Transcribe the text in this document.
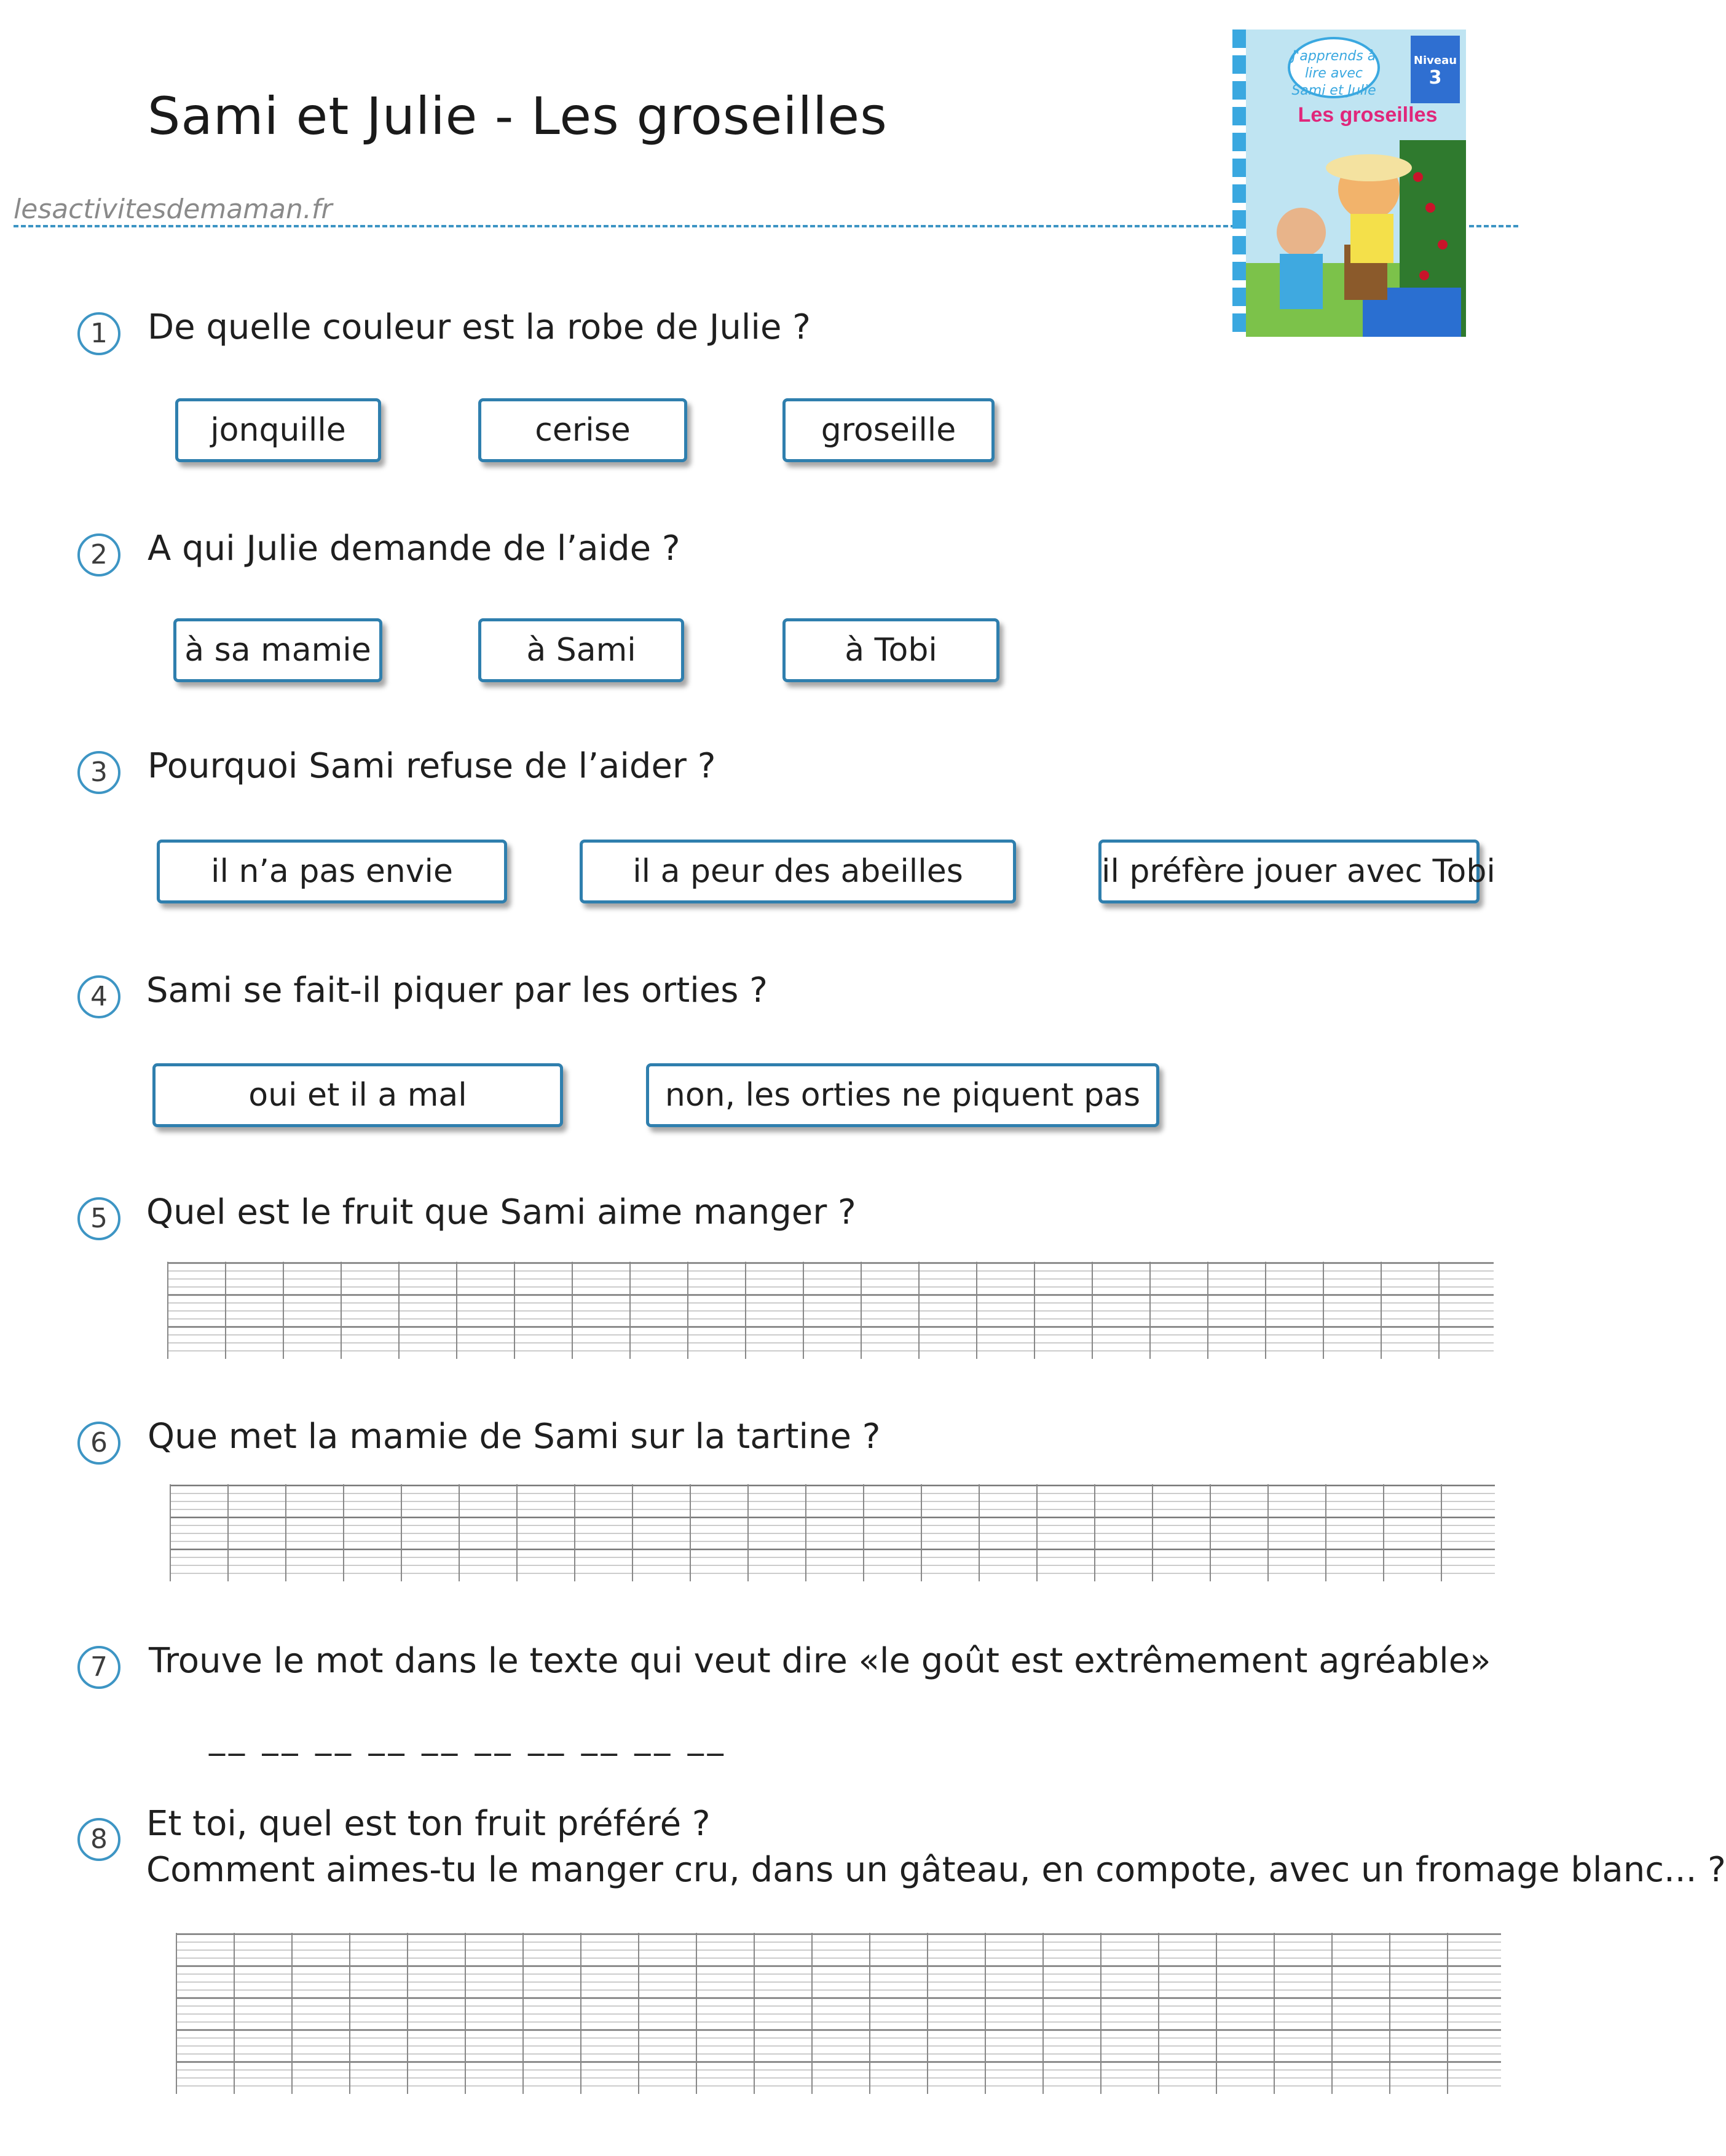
Sami et Julie - Les groseilles
lesactivitesdemaman.fr
J'apprends à lire avec Sami et Julie
Niveau
3
Les groseilles
1	De quelle couleur est la robe de Julie ?
jonquille	cerise	groseille
2	A qui Julie demande de l’aide ?
à sa mamie	à Sami	à Tobi
3	Pourquoi Sami refuse de l’aider ?
il n’a pas envie	il a peur des abeilles	il préfère jouer avec Tobi
4	Sami se fait-il piquer par les orties ?
oui et il a mal	non, les orties ne piquent pas
5	Quel est le fruit que Sami aime manger ?
6	Que met la mamie de Sami sur la tartine ?
7	Trouve le mot dans le texte qui veut dire «le goût est extrêmement agréable»
__ __ __ __ __ __ __ __ __ __
8	Et toi, quel est ton fruit préféré ?
Comment aimes-tu le manger cru, dans un gâteau, en compote, avec un fromage blanc... ?
